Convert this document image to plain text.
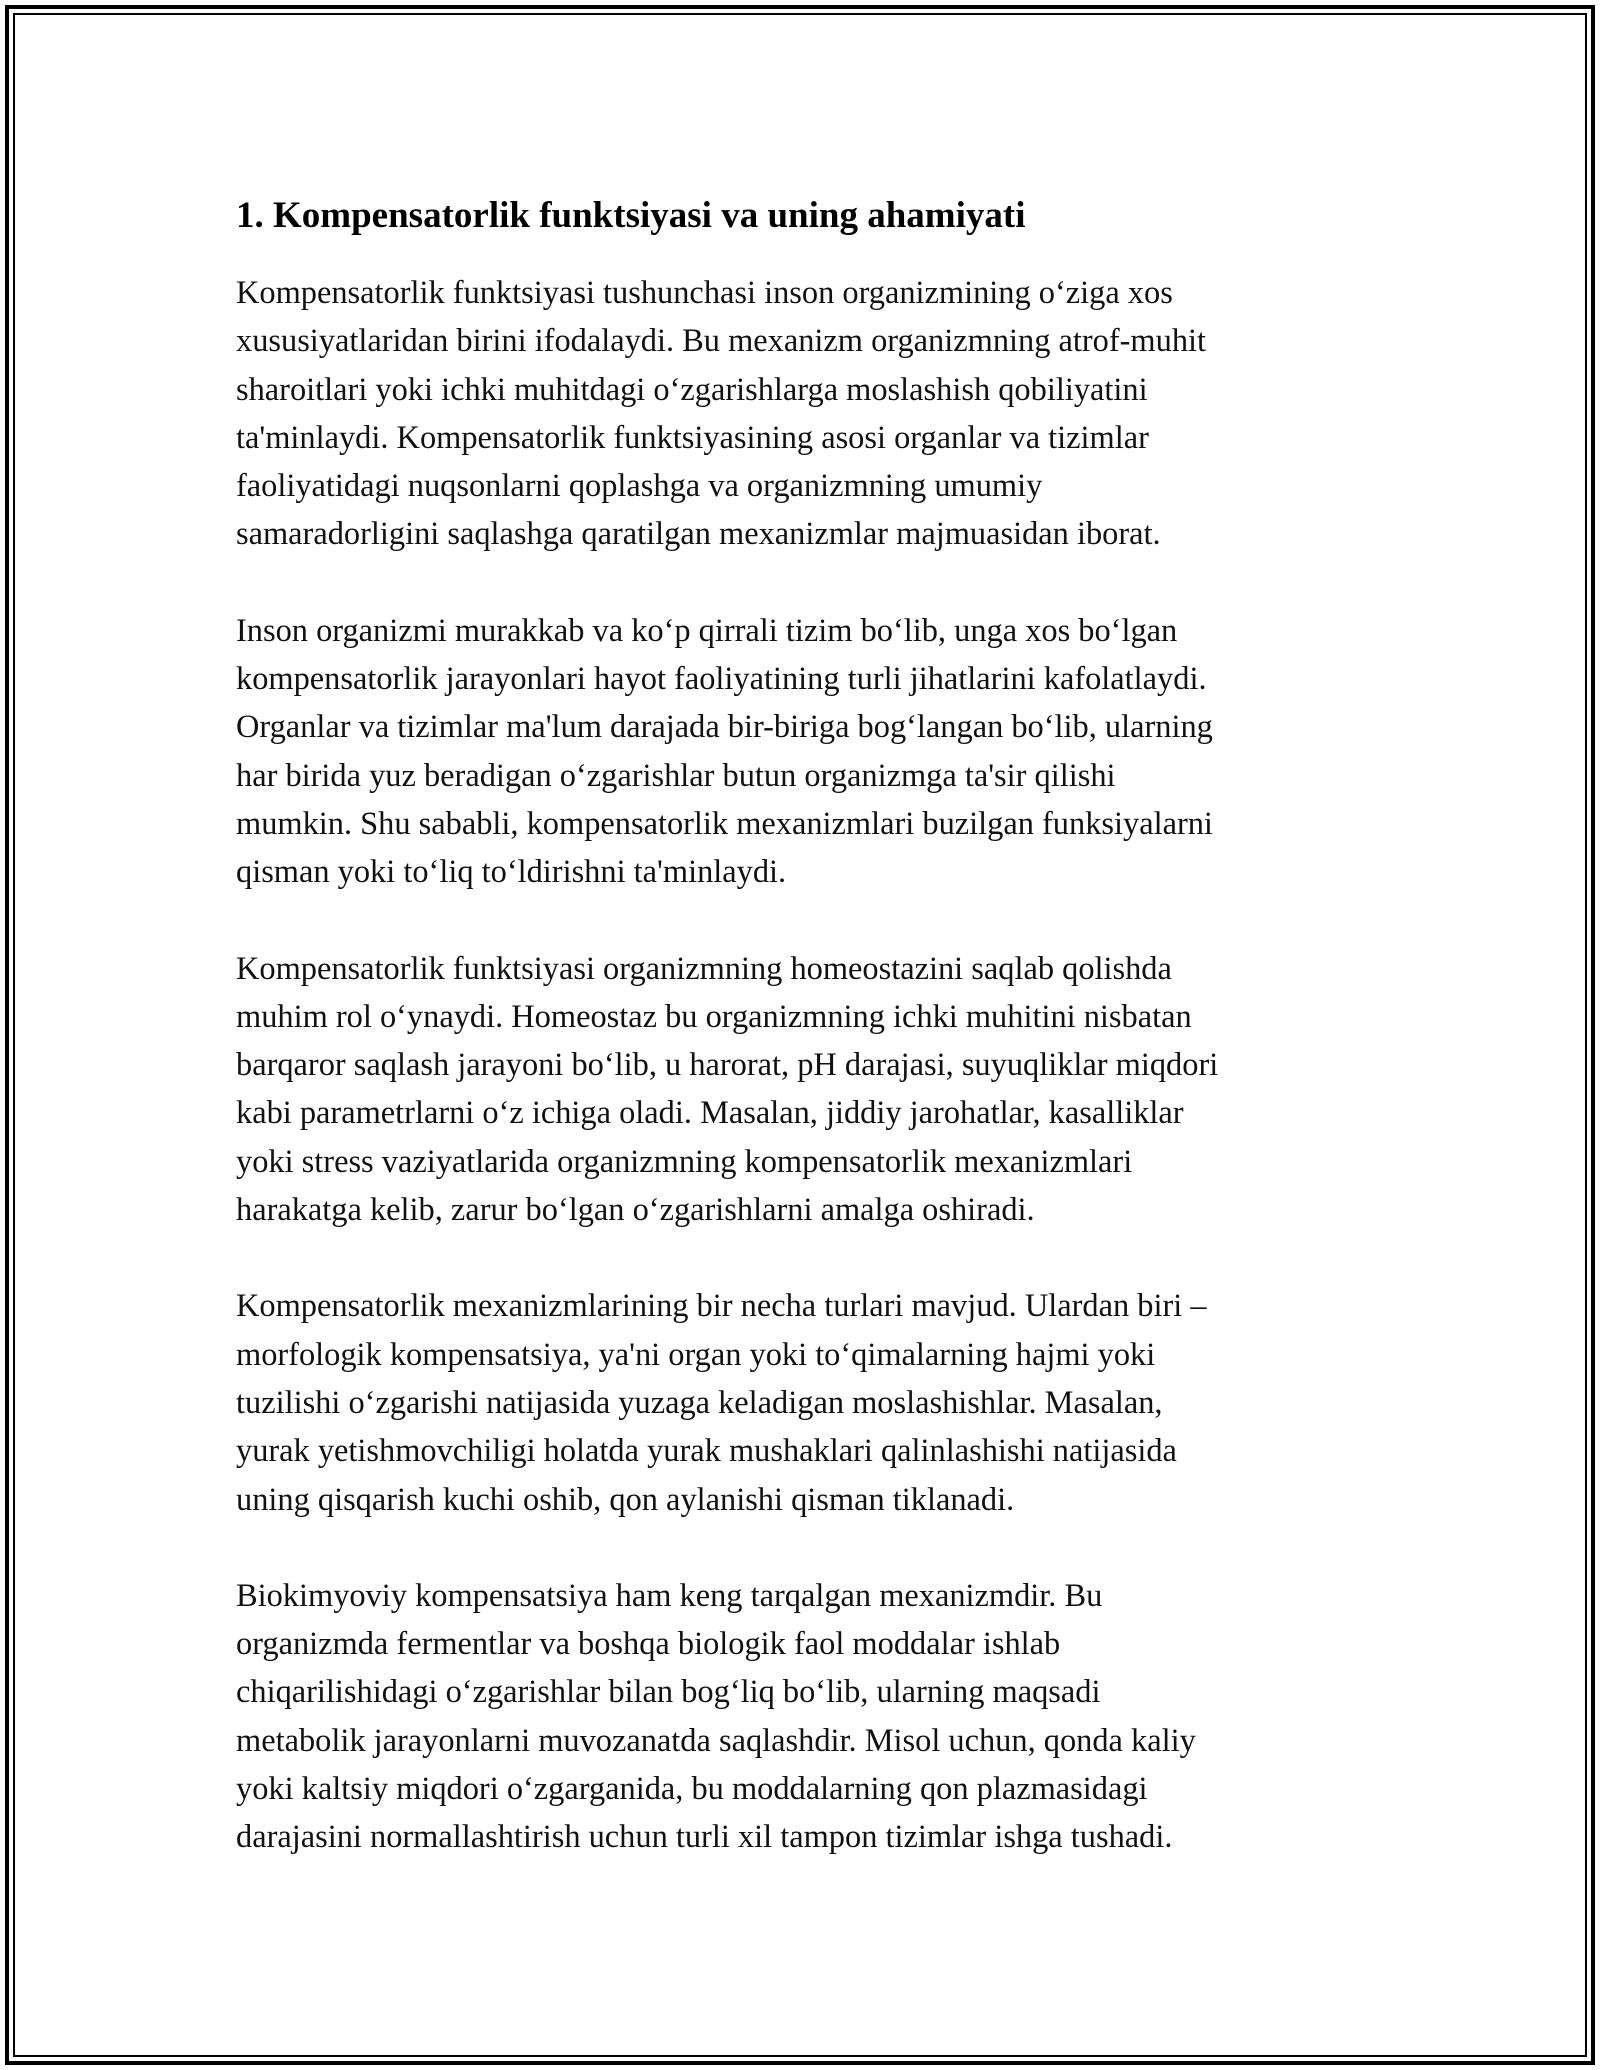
1. Kompensatorlik funktsiyasi va uning ahamiyati

Kompensatorlik funktsiyasi tushunchasi inson organizmining o‘ziga xos
xususiyatlaridan birini ifodalaydi. Bu mexanizm organizmning atrof-muhit
sharoitlari yoki ichki muhitdagi o‘zgarishlarga moslashish qobiliyatini
ta'minlaydi. Kompensatorlik funktsiyasining asosi organlar va tizimlar
faoliyatidagi nuqsonlarni qoplashga va organizmning umumiy
samaradorligini saqlashga qaratilgan mexanizmlar majmuasidan iborat.

Inson organizmi murakkab va ko‘p qirrali tizim bo‘lib, unga xos bo‘lgan
kompensatorlik jarayonlari hayot faoliyatining turli jihatlarini kafolatlaydi.
Organlar va tizimlar ma'lum darajada bir-biriga bog‘langan bo‘lib, ularning
har birida yuz beradigan o‘zgarishlar butun organizmga ta'sir qilishi
mumkin. Shu sababli, kompensatorlik mexanizmlari buzilgan funksiyalarni
qisman yoki to‘liq to‘ldirishni ta'minlaydi.

Kompensatorlik funktsiyasi organizmning homeostazini saqlab qolishda
muhim rol o‘ynaydi. Homeostaz bu organizmning ichki muhitini nisbatan
barqaror saqlash jarayoni bo‘lib, u harorat, pH darajasi, suyuqliklar miqdori
kabi parametrlarni o‘z ichiga oladi. Masalan, jiddiy jarohatlar, kasalliklar
yoki stress vaziyatlarida organizmning kompensatorlik mexanizmlari
harakatga kelib, zarur bo‘lgan o‘zgarishlarni amalga oshiradi.

Kompensatorlik mexanizmlarining bir necha turlari mavjud. Ulardan biri –
morfologik kompensatsiya, ya'ni organ yoki to‘qimalarning hajmi yoki
tuzilishi o‘zgarishi natijasida yuzaga keladigan moslashishlar. Masalan,
yurak yetishmovchiligi holatda yurak mushaklari qalinlashishi natijasida
uning qisqarish kuchi oshib, qon aylanishi qisman tiklanadi.

Biokimyoviy kompensatsiya ham keng tarqalgan mexanizmdir. Bu
organizmda fermentlar va boshqa biologik faol moddalar ishlab
chiqarilishidagi o‘zgarishlar bilan bog‘liq bo‘lib, ularning maqsadi
metabolik jarayonlarni muvozanatda saqlashdir. Misol uchun, qonda kaliy
yoki kaltsiy miqdori o‘zgarganida, bu moddalarning qon plazmasidagi
darajasini normallashtirish uchun turli xil tampon tizimlar ishga tushadi.
